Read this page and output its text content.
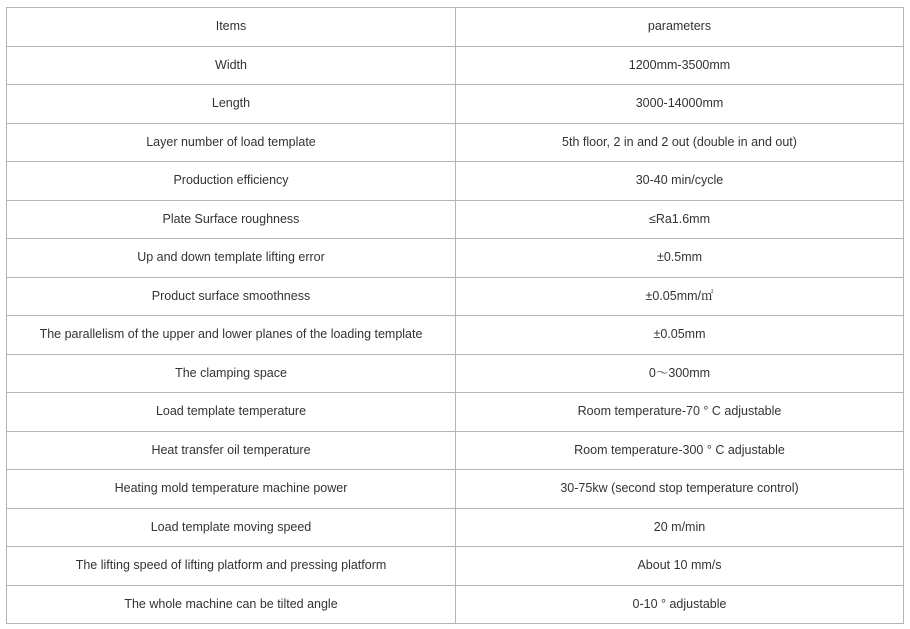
Items	parameters
Width	1200mm-3500mm
Length	3000-14000mm
Layer number of load template	5th floor, 2 in and 2 out (double in and out)
Production efficiency	30-40 min/cycle
Plate Surface roughness	≤Ra1.6mm
Up and down template lifting error	±0.5mm
Product surface smoothness	±0.05mm/㎡
The parallelism of the upper and lower planes of the loading template	±0.05mm
The clamping space	0～300mm
Load template temperature	Room temperature-70 ° C adjustable
Heat transfer oil temperature	Room temperature-300 ° C adjustable
Heating mold temperature machine power	30-75kw (second stop temperature control)
Load template moving speed	20 m/min
The lifting speed of lifting platform and pressing platform	About 10 mm/s
The whole machine can be tilted angle	0-10 ° adjustable
